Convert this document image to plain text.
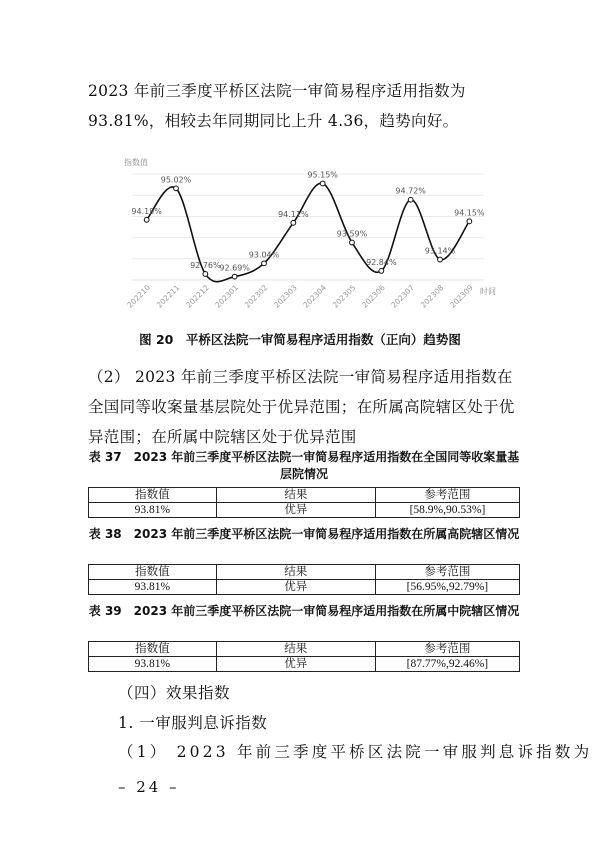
2023 年前三季度平桥区法院一审简易程序适用指数为 93.81%，相较去年同期同比上升 4.36，趋势向好。

指数值
94.19%
95.02%
92.76%
92.69%
93.04%
94.11%
95.15%
93.59%
92.84%
94.72%
93.14%
94.15%
202210 202211 202212 202301 202302 202303 202304 202305 202306 202307 202308 202309 时间
图 20　平桥区法院一审简易程序适用指数（正向）趋势图

（2） 2023 年前三季度平桥区法院一审简易程序适用指数在全国同等收案量基层院处于优异范围；在所属高院辖区处于优异范围；在所属中院辖区处于优异范围

表 37　2023 年前三季度平桥区法院一审简易程序适用指数在全国同等收案量基层院情况
指数值	结果	参考范围
93.81%	优异	[58.9%,90.53%]
表 38　2023 年前三季度平桥区法院一审简易程序适用指数在所属高院辖区情况
指数值	结果	参考范围
93.81%	优异	[56.95%,92.79%]
表 39　2023 年前三季度平桥区法院一审简易程序适用指数在所属中院辖区情况
指数值	结果	参考范围
93.81%	优异	[87.77%,92.46%]

（四）效果指数

1. 一审服判息诉指数

（1） 2023 年前三季度平桥区法院一审服判息诉指数为

– 24 –
